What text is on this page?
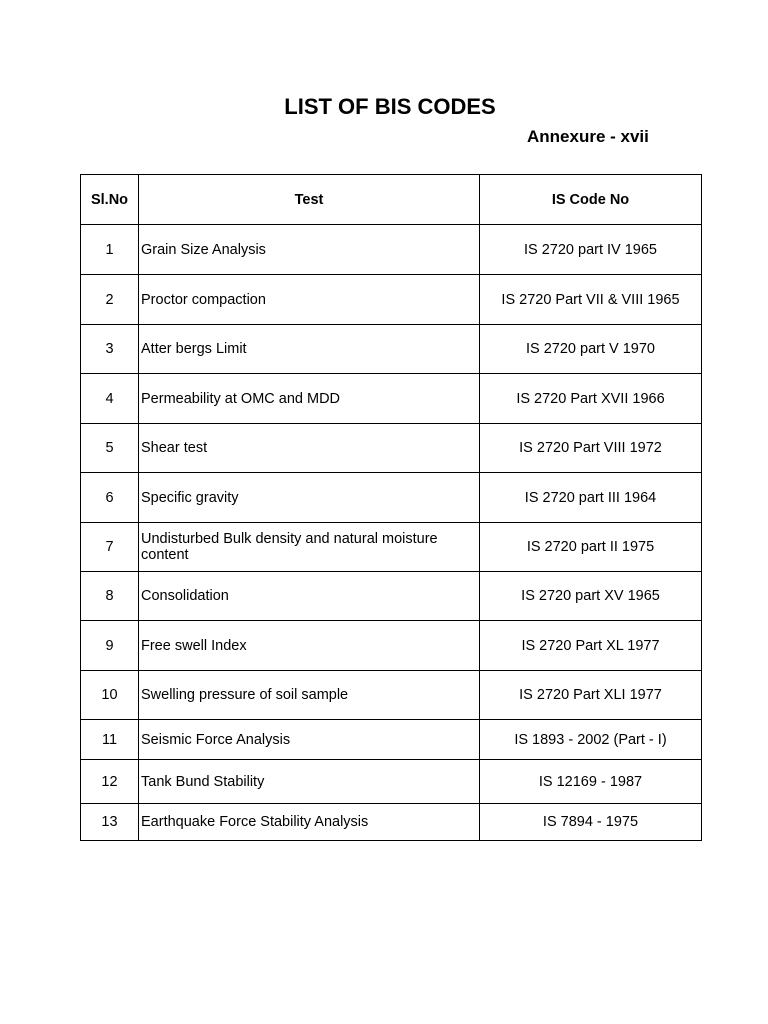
LIST OF BIS CODES
Annexure - xvii
Sl.No	Test	IS Code No
1	Grain Size Analysis	IS 2720 part IV 1965
2	Proctor compaction	IS 2720 Part VII & VIII 1965
3	Atter bergs Limit	IS 2720 part V 1970
4	Permeability at OMC and MDD	IS 2720 Part XVII 1966
5	Shear test	IS 2720 Part VIII 1972
6	Specific gravity	IS 2720 part III 1964
7	Undisturbed Bulk density and natural moisture content	IS 2720 part II 1975
8	Consolidation	IS 2720 part XV 1965
9	Free swell Index	IS 2720 Part XL 1977
10	Swelling pressure of soil sample	IS 2720 Part XLI 1977
11	Seismic Force Analysis	IS 1893 - 2002 (Part - I)
12	Tank Bund Stability	IS 12169 - 1987
13	Earthquake Force Stability Analysis	IS 7894 - 1975
